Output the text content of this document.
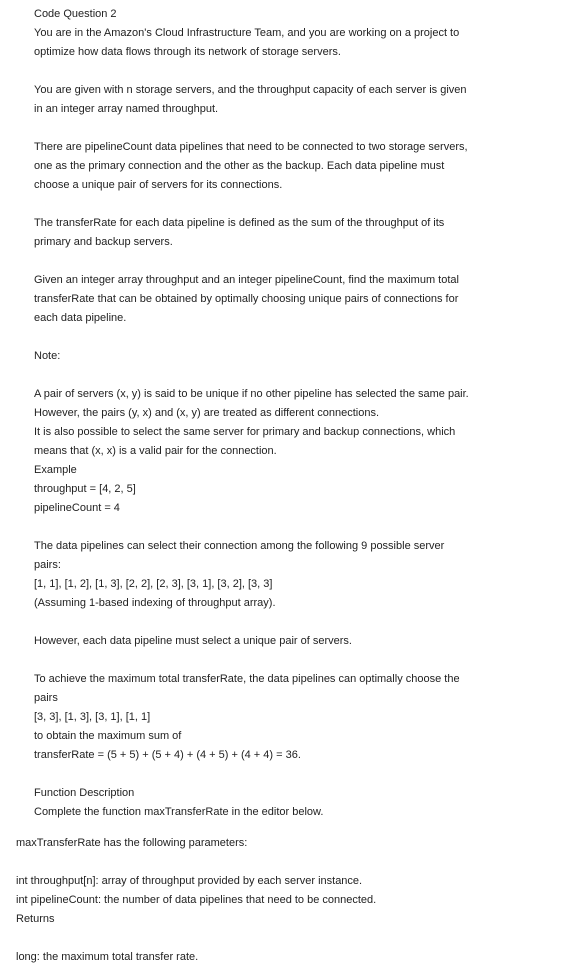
Code Question 2
You are in the Amazon's Cloud Infrastructure Team, and you are working on a project to
optimize how data flows through its network of storage servers.
You are given with n storage servers, and the throughput capacity of each server is given
in an integer array named throughput.
There are pipelineCount data pipelines that need to be connected to two storage servers,
one as the primary connection and the other as the backup. Each data pipeline must
choose a unique pair of servers for its connections.
The transferRate for each data pipeline is defined as the sum of the throughput of its
primary and backup servers.
Given an integer array throughput and an integer pipelineCount, find the maximum total
transferRate that can be obtained by optimally choosing unique pairs of connections for
each data pipeline.
Note:
A pair of servers (x, y) is said to be unique if no other pipeline has selected the same pair.
However, the pairs (y, x) and (x, y) are treated as different connections.
It is also possible to select the same server for primary and backup connections, which
means that (x, x) is a valid pair for the connection.
Example
throughput = [4, 2, 5]
pipelineCount = 4
The data pipelines can select their connection among the following 9 possible server
pairs:
[1, 1], [1, 2], [1, 3], [2, 2], [2, 3], [3, 1], [3, 2], [3, 3]
(Assuming 1-based indexing of throughput array).
However, each data pipeline must select a unique pair of servers.
To achieve the maximum total transferRate, the data pipelines can optimally choose the
pairs
[3, 3], [1, 3], [3, 1], [1, 1]
to obtain the maximum sum of
transferRate = (5 + 5) + (5 + 4) + (4 + 5) + (4 + 4) = 36.
Function Description
Complete the function maxTransferRate in the editor below.
maxTransferRate has the following parameters:
int throughput[n]: array of throughput provided by each server instance.
int pipelineCount: the number of data pipelines that need to be connected.
Returns
long: the maximum total transfer rate.
